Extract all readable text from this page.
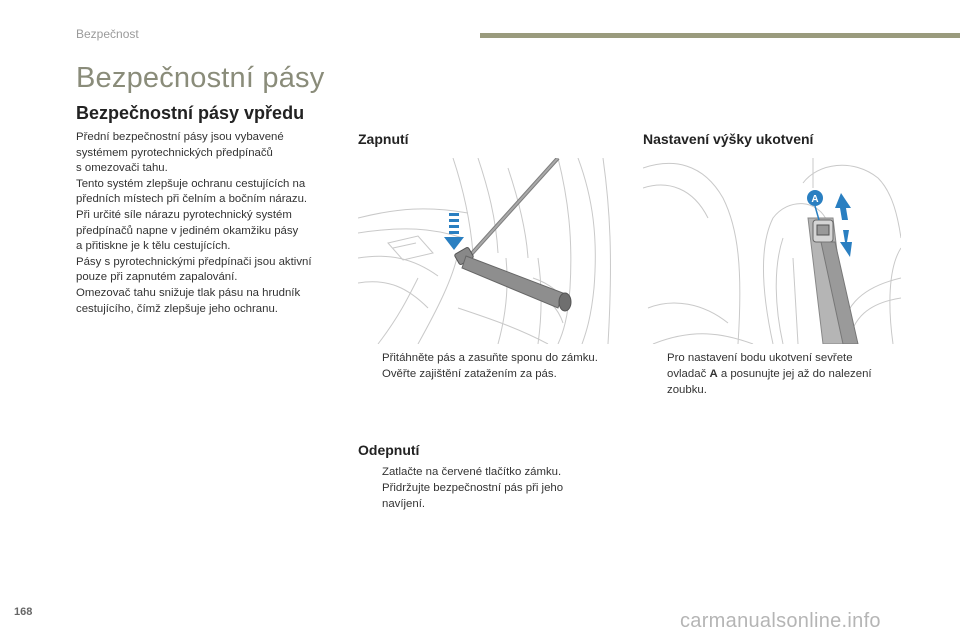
Bezpečnost
Bezpečnostní pásy
Bezpečnostní pásy vpředu

Přední bezpečnostní pásy jsou vybavené

systémem pyrotechnických předpínačů

s omezovači tahu.

Tento systém zlepšuje ochranu cestujících na

předních místech při čelním a bočním nárazu.

Při určité síle nárazu pyrotechnický systém

předpínačů napne v jediném okamžiku pásy

a přitiskne je k tělu cestujících.

Pásy s pyrotechnickými předpínači jsou aktivní

pouze při zapnutém zapalování.

Omezovač tahu snižuje tlak pásu na hrudník

cestujícího, čímž zlepšuje jeho ochranu.

Zapnutí
Přitáhněte pás a zasuňte sponu do zámku.
Ověřte zajištění zatažením za pás.
Odepnutí
Zatlačte na červené tlačítko zámku.
Přidržujte bezpečnostní pás při jeho
navíjení.
Nastavení výšky ukotvení
A
Pro nastavení bodu ukotvení sevřete
ovladač A a posunujte jej až do nalezení
zoubku.
168	carmanualsonline.info
